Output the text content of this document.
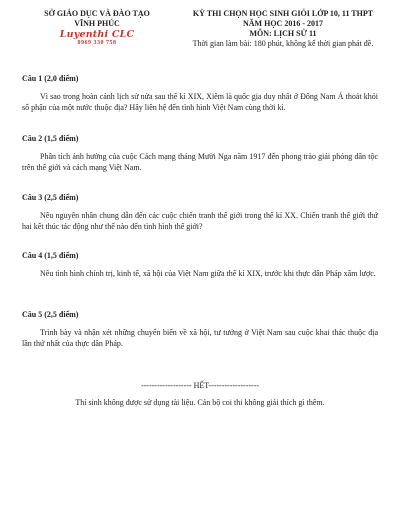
SỞ GIÁO DỤC VÀ ĐÀO TẠO
VĨNH PHÚC
Luyenthi CLC
0969 330 758
KỲ THI CHỌN HỌC SINH GIỎI LỚP 10, 11 THPT
NĂM HỌC 2016 - 2017
MÔN: LỊCH SỬ 11
Thời gian làm bài: 180 phút, không kể thời gian phát đề.
Câu 1 (2,0 điểm)
Vì sao trong hoàn cảnh lịch sử nửa sau thế kỉ XIX, Xiêm là quốc gia duy nhất ở Đông Nam Á thoát khỏi số phận của một nước thuộc địa? Hãy liên hệ đến tình hình Việt Nam cùng thời kì.
Câu 2 (1,5 điểm)
Phân tích ảnh hưởng của cuộc Cách mạng tháng Mười Nga năm 1917 đến phong trào giải phóng dân tộc trên thế giới và cách mạng Việt Nam.
Câu 3 (2,5 điểm)
Nêu nguyên nhân chung dẫn đến các cuộc chiến tranh thế giới trong thế kỉ XX. Chiến tranh thế giới thứ hai kết thúc tác động như thế nào đến tình hình thế giới?
Câu 4 (1,5 điểm)
Nêu tình hình chính trị, kinh tế, xã hội của Việt Nam giữa thế kỉ XIX, trước khi thực dân Pháp xâm lược.
Câu 5 (2,5 điểm)
Trình bày và nhận xét những chuyển biến về xã hội, tư tưởng ở Việt Nam sau cuộc khai thác thuộc địa lần thứ nhất của thực dân Pháp.
------------------- HẾT-------------------
Thí sinh không được sử dụng tài liệu. Cán bộ coi thi không giải thích gì thêm.
